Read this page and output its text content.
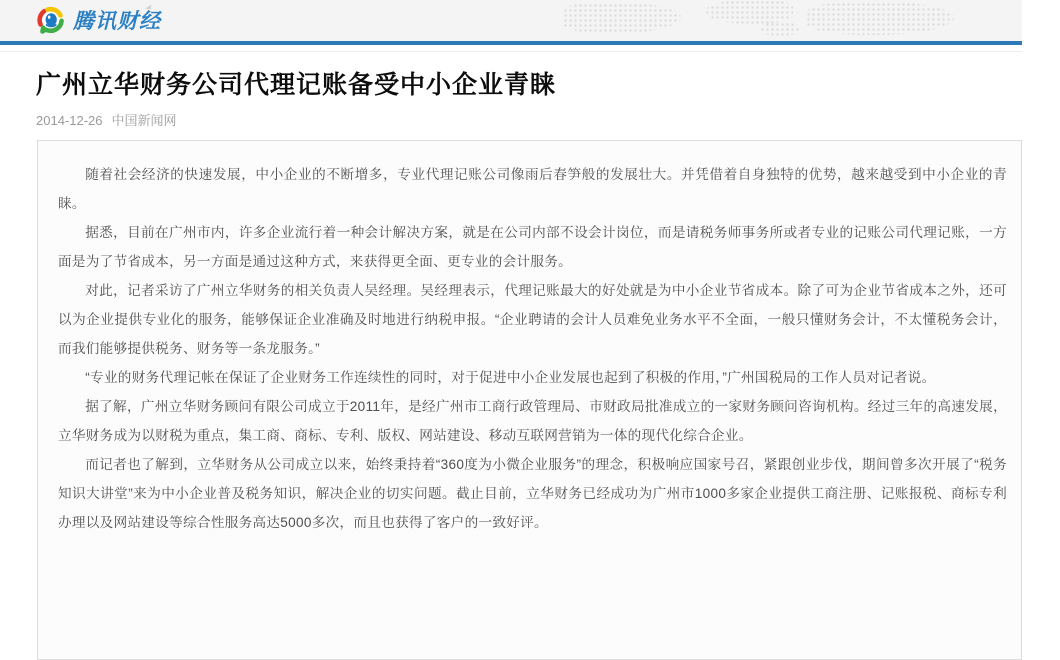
腾讯财经
广州立华财务公司代理记账备受中小企业青睐
2014-12-26 中国新闻网

随着社会经济的快速发展，中小企业的不断增多，专业代理记账公司像雨后春笋般的发展壮大。并凭借着自身独特的优势，越来越受到中小企业的青睐。

据悉，目前在广州市内，许多企业流行着一种会计解决方案，就是在公司内部不设会计岗位，而是请税务师事务所或者专业的记账公司代理记账，一方面是为了节省成本，另一方面是通过这种方式，来获得更全面、更专业的会计服务。

对此，记者采访了广州立华财务的相关负责人吴经理。吴经理表示，代理记账最大的好处就是为中小企业节省成本。除了可为企业节省成本之外，还可以为企业提供专业化的服务，能够保证企业准确及时地进行纳税申报。“企业聘请的会计人员难免业务水平不全面，一般只懂财务会计，不太懂税务会计，而我们能够提供税务、财务等一条龙服务。”

“专业的财务代理记帐在保证了企业财务工作连续性的同时，对于促进中小企业发展也起到了积极的作用，”广州国税局的工作人员对记者说。

据了解，广州立华财务顾问有限公司成立于2011年，是经广州市工商行政管理局、市财政局批准成立的一家财务顾问咨询机构。经过三年的高速发展，立华财务成为以财税为重点，集工商、商标、专利、版权、网站建设、移动互联网营销为一体的现代化综合企业。

而记者也了解到，立华财务从公司成立以来，始终秉持着“360度为小微企业服务”的理念，积极响应国家号召，紧跟创业步伐，期间曾多次开展了“税务知识大讲堂”来为中小企业普及税务知识，解决企业的切实问题。截止目前，立华财务已经成功为广州市1000多家企业提供工商注册、记账报税、商标专利办理以及网站建设等综合性服务高达5000多次，而且也获得了客户的一致好评。
